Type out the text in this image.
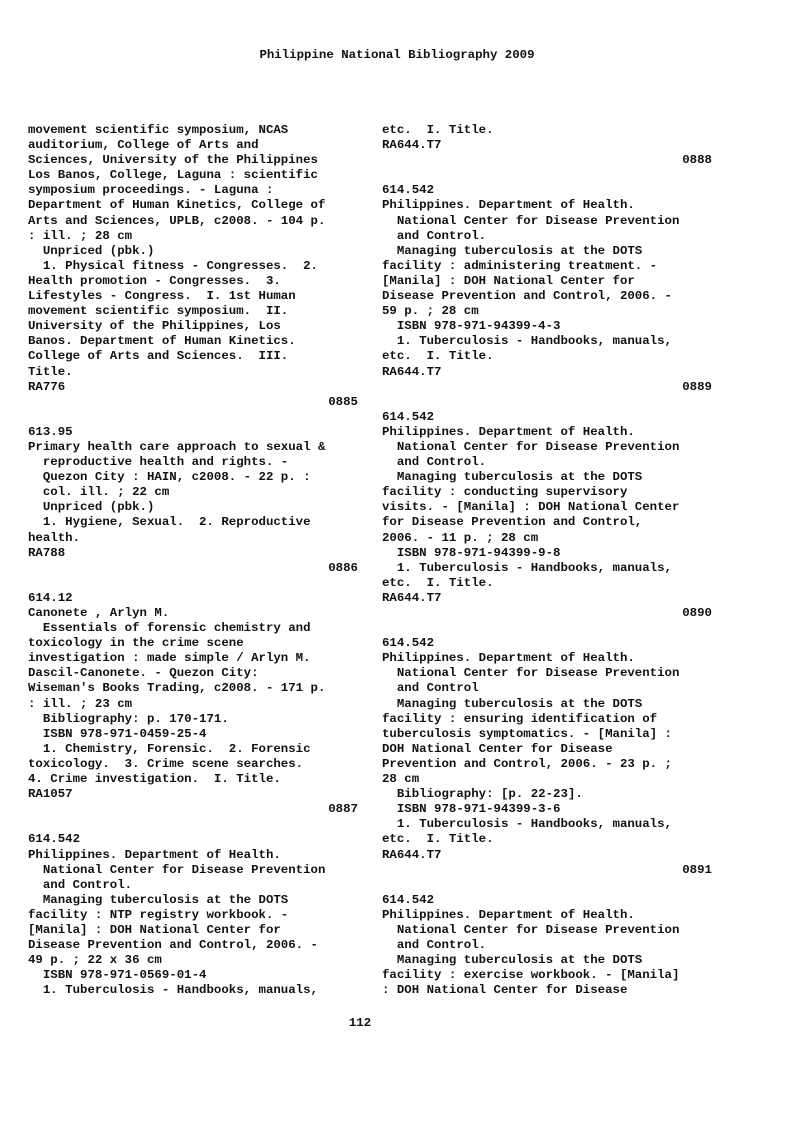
Philippine National Bibliography 2009
movement scientific symposium, NCAS
auditorium, College of Arts and
Sciences, University of the Philippines
Los Banos, College, Laguna : scientific
symposium proceedings. - Laguna :
Department of Human Kinetics, College of
Arts and Sciences, UPLB, c2008. - 104 p.
: ill. ; 28 cm
Unpriced (pbk.)
1. Physical fitness - Congresses.  2.
Health promotion - Congresses.  3.
Lifestyles - Congress.  I. 1st Human
movement scientific symposium.  II.
University of the Philippines, Los
Banos. Department of Human Kinetics.
College of Arts and Sciences.  III.
Title.
RA776
0885
613.95
Primary health care approach to sexual &
reproductive health and rights. -
Quezon City : HAIN, c2008. - 22 p. :
col. ill. ; 22 cm
Unpriced (pbk.)
1. Hygiene, Sexual.  2. Reproductive
health.
RA788
0886
614.12
Canonete , Arlyn M.
Essentials of forensic chemistry and
toxicology in the crime scene
investigation : made simple / Arlyn M.
Dascil-Canonete. - Quezon City:
Wiseman's Books Trading, c2008. - 171 p.
: ill. ; 23 cm
Bibliography: p. 170-171.
ISBN 978-971-0459-25-4
1. Chemistry, Forensic.  2. Forensic
toxicology.  3. Crime scene searches.
4. Crime investigation.  I. Title.
RA1057
0887
614.542
Philippines. Department of Health.
National Center for Disease Prevention
and Control.
Managing tuberculosis at the DOTS
facility : NTP registry workbook. -
[Manila] : DOH National Center for
Disease Prevention and Control, 2006. -
49 p. ; 22 x 36 cm
ISBN 978-971-0569-01-4
1. Tuberculosis - Handbooks, manuals,
etc.  I. Title.
RA644.T7
0888
614.542
Philippines. Department of Health.
National Center for Disease Prevention
and Control.
Managing tuberculosis at the DOTS
facility : administering treatment. -
[Manila] : DOH National Center for
Disease Prevention and Control, 2006. -
59 p. ; 28 cm
ISBN 978-971-94399-4-3
1. Tuberculosis - Handbooks, manuals,
etc.  I. Title.
RA644.T7
0889
614.542
Philippines. Department of Health.
National Center for Disease Prevention
and Control.
Managing tuberculosis at the DOTS
facility : conducting supervisory
visits. - [Manila] : DOH National Center
for Disease Prevention and Control,
2006. - 11 p. ; 28 cm
ISBN 978-971-94399-9-8
1. Tuberculosis - Handbooks, manuals,
etc.  I. Title.
RA644.T7
0890
614.542
Philippines. Department of Health.
National Center for Disease Prevention
and Control
Managing tuberculosis at the DOTS
facility : ensuring identification of
tuberculosis symptomatics. - [Manila] :
DOH National Center for Disease
Prevention and Control, 2006. - 23 p. ;
28 cm
Bibliography: [p. 22-23].
ISBN 978-971-94399-3-6
1. Tuberculosis - Handbooks, manuals,
etc.  I. Title.
RA644.T7
0891
614.542
Philippines. Department of Health.
National Center for Disease Prevention
and Control.
Managing tuberculosis at the DOTS
facility : exercise workbook. - [Manila]
: DOH National Center for Disease
112
